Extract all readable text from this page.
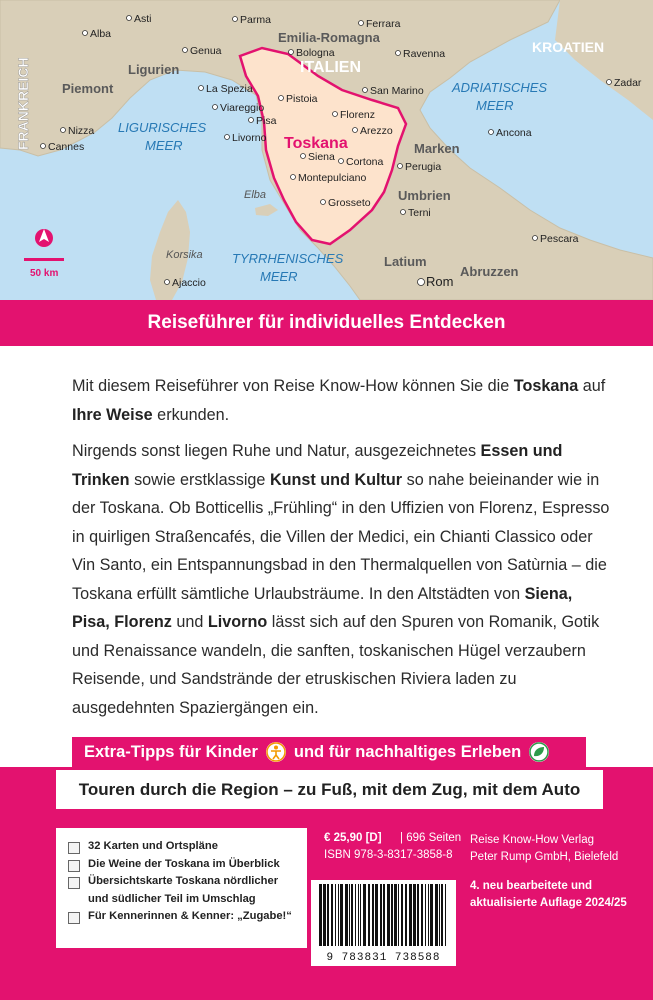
FRANKREICH
KROATIEN
ITALIEN
LIGURISCHES
MEER
TYRRHENISCHES
MEER
ADRIATISCHES
MEER
Toskana
Korsika
Elba
50 km
Piemont
Ligurien
Emilia-Romagna
Marken
Umbrien
Latium
Abruzzen
Asti
Alba
Parma	Ferrara
Genua	Bologna	Ravenna
La Spezia
Pistoia
San Marino
Zadar
Viareggio
Nizza
Cannes
Florenz
Pisa
Livorno
Arezzo	Ancona
Siena Cortona Perugia
Montepulciano
Grosseto
Terni
Pescara
Ajaccio	Rom
Reiseführer für individuelles Entdecken

Mit diesem Reiseführer von Reise Know-How können Sie die Toskana auf Ihre Weise erkunden.

Nirgends sonst liegen Ruhe und Natur, ausgezeichnetes Essen und Trinken sowie erstklassige Kunst und Kultur so nahe beieinander wie in der Toskana. Ob Botticellis „Frühling“ in den Uffizien von Florenz, Espresso in quirligen Straßencafés, die Villen der Medici, ein Chianti Classico oder Vin Santo, ein Entspannungsbad in den Thermalquellen von Satùrnia – die Toskana erfüllt sämtliche Urlaubsträume. In den Altstädten von Siena, Pisa, Florenz und Livorno lässt sich auf den Spuren von Romanik, Gotik und Renaissance wandeln, die sanften, toskanischen Hügel verzaubern Reisende, und Sandstrände der etruskischen Riviera laden zu ausgedehnten Spaziergängen ein.

Extra-Tipps für Kinder und für nachhaltiges Erleben
Touren durch die Region – zu Fuß, mit dem Zug, mit dem Auto
32 Karten und Ortspläne
Die Weine der Toskana im Überblick
Übersichtskarte Toskana nördlicher
und südlicher Teil im Umschlag
Für Kennerinnen & Kenner: „Zugabe!“
€ 25,90 [D] | 696 Seiten
ISBN 978-3-8317-3858-8
Reise Know-How Verlag
Peter Rump GmbH, Bielefeld
4. neu bearbeitete und
aktualisierte Auflage 2024/25
9 783831 738588
